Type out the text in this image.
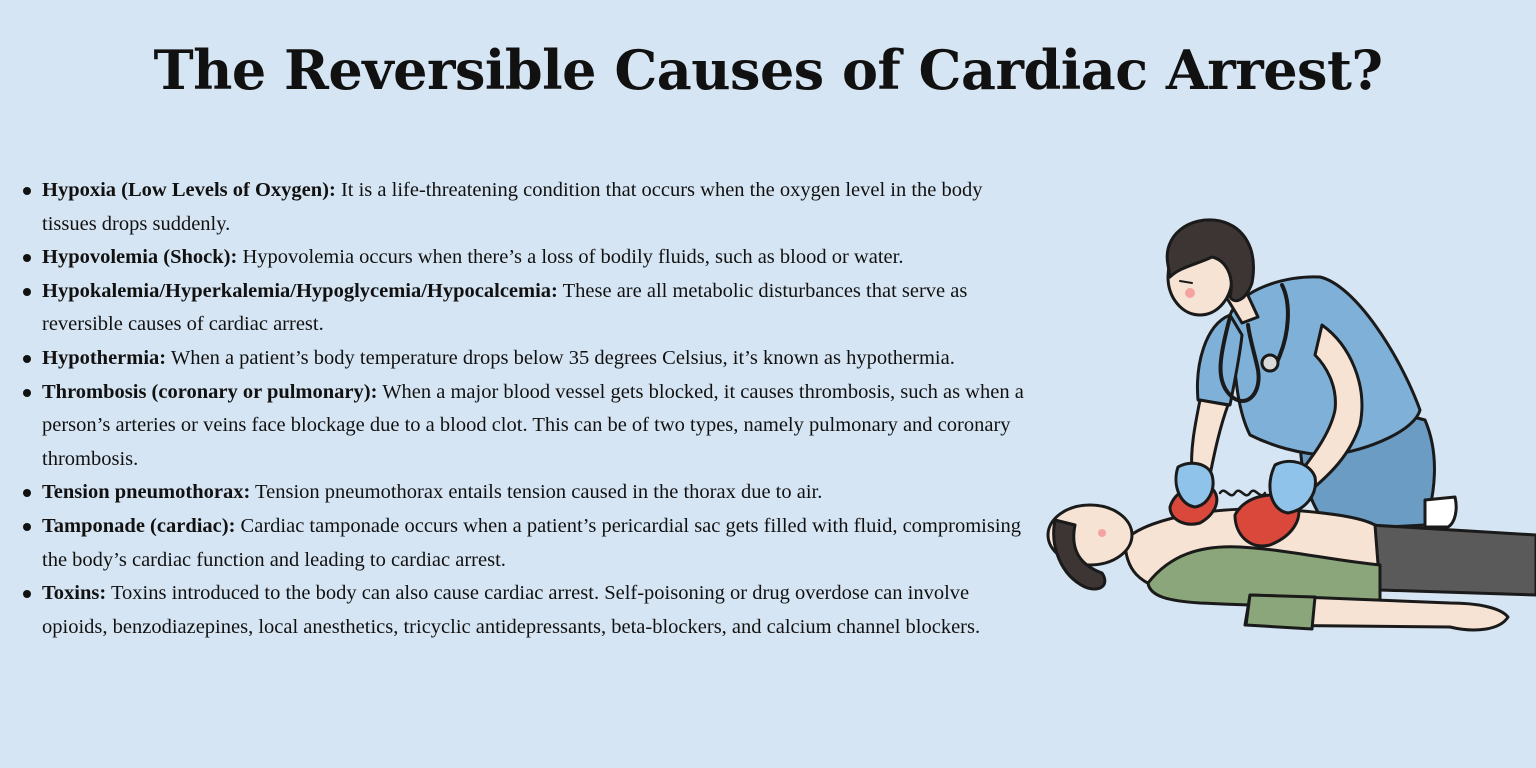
The Reversible Causes of Cardiac Arrest?
Hypoxia (Low Levels of Oxygen): It is a life-threatening condition that occurs when the oxygen level in the body tissues drops suddenly.
Hypovolemia (Shock): Hypovolemia occurs when there’s a loss of bodily fluids, such as blood or water.
Hypokalemia/Hyperkalemia/Hypoglycemia/Hypocalcemia: These are all metabolic disturbances that serve as reversible causes of cardiac arrest.
Hypothermia: When a patient’s body temperature drops below 35 degrees Celsius, it’s known as hypothermia.
Thrombosis (coronary or pulmonary): When a major blood vessel gets blocked, it causes thrombosis, such as when a person’s arteries or veins face blockage due to a blood clot. This can be of two types, namely pulmonary and coronary thrombosis.
Tension pneumothorax: Tension pneumothorax entails tension caused in the thorax due to air.
Tamponade (cardiac): Cardiac tamponade occurs when a patient’s pericardial sac gets filled with fluid, compromising the body’s cardiac function and leading to cardiac arrest.
Toxins: Toxins introduced to the body can also cause cardiac arrest. Self-poisoning or drug overdose can involve opioids, benzodiazepines, local anesthetics, tricyclic antidepressants, beta-blockers, and calcium channel blockers.
